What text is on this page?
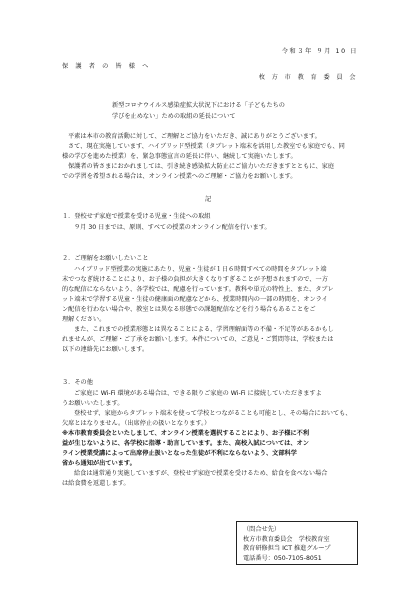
令和３年 ９月 10 日
保 護 者 の 皆 様 へ
枚 方 市 教 育 委 員 会
新型コロナウイルス感染症拡大状況下における「子どもたちの
学びを止めない」ための取組の延長について

平素は本市の教育活動に対して、ご理解とご協力をいただき、誠にありがとうございます。

さて、現在実施しています、ハイブリッド型授業（タブレット端末を活用した教室でも家庭でも、同

様の学びを進めた授業）を、緊急事態宣言の延長に伴い、継続して実施いたします。

保護者の皆さまにおかれましては、引き続き感染拡大防止にご協力いただきますとともに、家庭

での学習を希望される場合は、オンライン授業へのご理解・ご協力をお願いします。

記
１．登校せず家庭で授業を受ける児童・生徒への取組

９月 30 日までは、原則、すべての授業のオンライン配信を行います。

２．ご理解をお願いしたいこと

ハイブリッド型授業の実施にあたり、児童・生徒が１日６時間すべての時間をタブレット端

末でつなぎ続けることにより、お子様の負担が大きくなりすぎることが予想されますので、一方

的な配信にならないよう、各学校では、配慮を行っています。教科や単元の特性上、また、タブレ

ット端末で学習する児童・生徒の健康面の配慮などから、授業時間内の一部の時間を、オンライ

ン配信を行わない場合や、教室とは異なる形態での課題配信などを行う場合もあることをご

理解ください。

また、これまでの授業形態とは異なることによる、学習理解面等の不備・不足等があるかもし

れませんが、ご理解・ご了承をお願いします。本件についての、ご意見・ご質問等は、学校または

以下の連絡先にお願いします。

３．その他

ご家庭に Wi-Fi 環境がある場合は、できる限りご家庭の Wi-Fi に接続していただきますよ

うお願いいたします。

登校せず、家庭からタブレット端末を使って学校とつながることも可能とし、その場合においても、

欠席とはなりません。（出席停止の扱いとなります。）

※本市教育委員会といたしまして、オンライン授業を選択することにより、お子様に不利

益が生じないように、各学校に指導・助言しています。また、高校入試については、オン

ライン授業受講によって出席停止扱いとなった生徒が不利にならないよう、文部科学

省から通知が出ています。

給食は通常通り実施していますが、登校せず家庭で授業を受けるため、給食を食べない場合

は給食費を返還します。

（問合せ先）
枚方市教育委員会　学校教育室
教育研修担当 ICT 推進グループ
電話番号：050-7105-8051
